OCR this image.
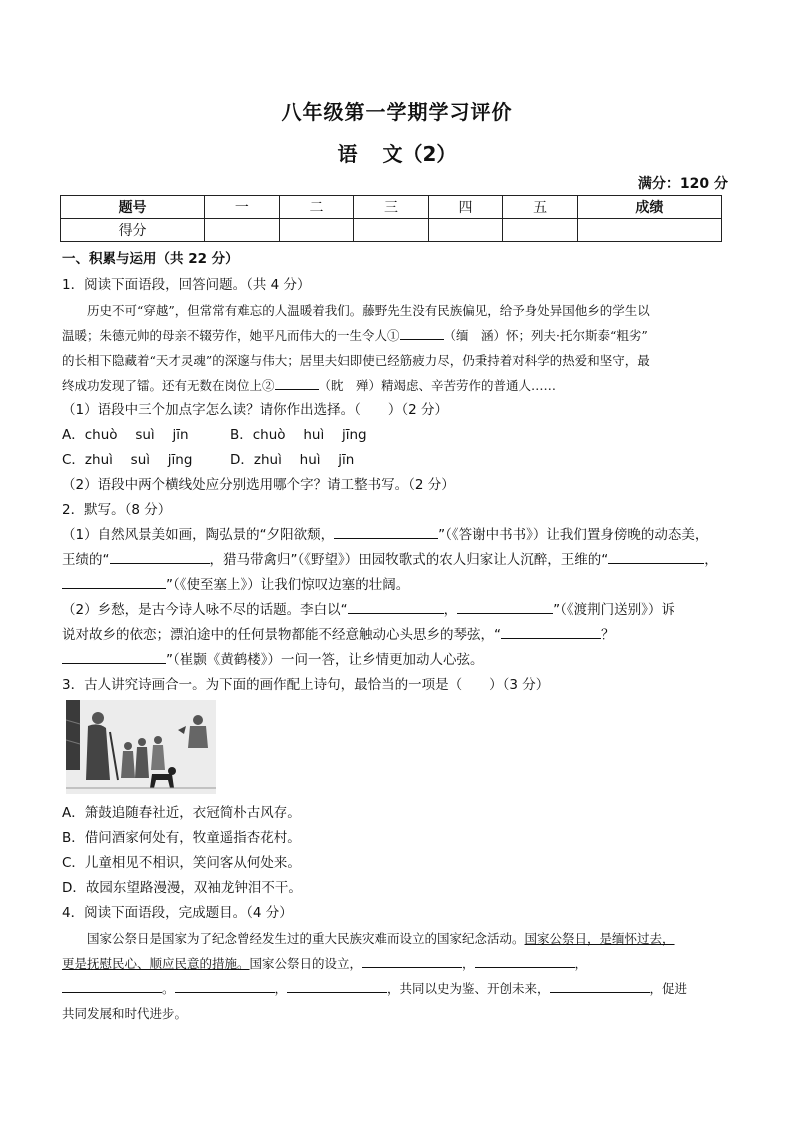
八年级第一学期学习评价
语 文（2）
满分：120 分
题号	一	二	三	四	五	成绩
得分						
一、积累与运用（共 22 分）
1．阅读下面语段，回答问题。（共 4 分）

历史不可“穿越”，但常常有难忘的人温暖着我们。藤野先生没有民族偏见，给予身处异国他乡的学生以

温暖；朱德元帅的母亲不辍劳作，她平凡而伟大的一生令人①	（缅　涵）怀；列夫·托尔斯泰“粗劣”

的长相下隐藏着“天才灵魂”的深邃与伟大；居里夫妇即使已经筋疲力尽，仍秉持着对科学的热爱和坚守，最

终成功发现了镭。还有无数在岗位上②	（眈　殚）精竭虑、辛苦劳作的普通人……

（1）语段中三个加点字怎么读？请你作出选择。（　　）（2 分）
A．chuò　 suì　 jīn	B．chuò　 huì　 jīng
C．zhuì　 suì　 jīng	D．zhuì　 huì　 jīn
（2）语段中两个横线处应分别选用哪个字？请工整书写。（2 分）
2．默写。（8 分）

（1）自然风景美如画，陶弘景的“夕阳欲颓，	”（《答谢中书书》）让我们置身傍晚的动态美，

王绩的“	，猎马带禽归”（《野望》）田园牧歌式的农人归家让人沉醉，王维的“	，

”（《使至塞上》）让我们惊叹边塞的壮阔。

（2）乡愁，是古今诗人咏不尽的话题。李白以“	，	”（《渡荆门送别》）诉

说对故乡的依恋；漂泊途中的任何景物都能不经意触动心头思乡的琴弦，“	？

”（崔颢《黄鹤楼》）一问一答，让乡情更加动人心弦。

3．古人讲究诗画合一。为下面的画作配上诗句，最恰当的一项是（　　）（3 分）
A．箫鼓追随春社近，衣冠简朴古风存。
B．借问酒家何处有，牧童遥指杏花村。
C．儿童相见不相识，笑问客从何处来。
D．故园东望路漫漫，双袖龙钟泪不干。
4．阅读下面语段，完成题目。（4 分）

国家公祭日是国家为了纪念曾经发生过的重大民族灾难而设立的国家纪念活动。国家公祭日，是缅怀过去，

更是抚慰民心、顺应民意的措施。国家公祭日的设立，	，	，

。	，	，共同以史为鉴、开创未来，	，促进

共同发展和时代进步。
